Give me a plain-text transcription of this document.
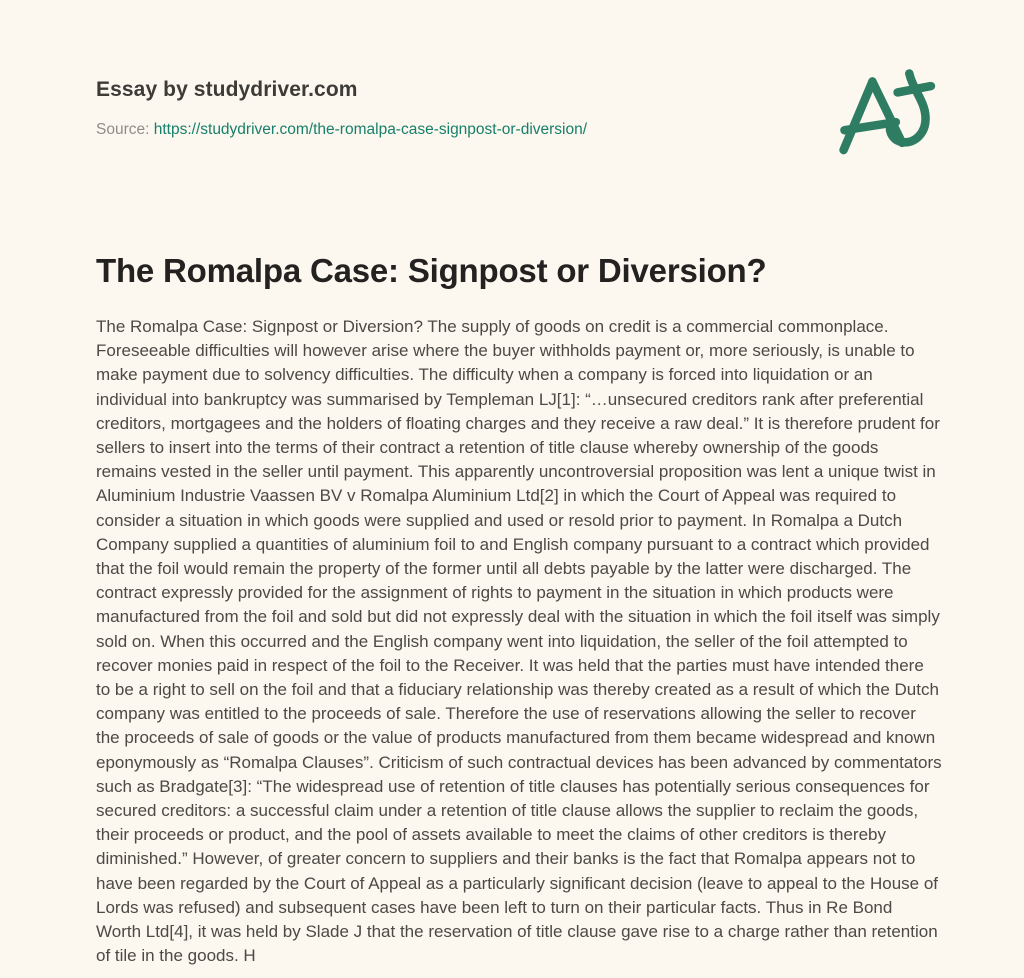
Essay by studydriver.com
Source: https://studydriver.com/the-romalpa-case-signpost-or-diversion/
The Romalpa Case: Signpost or Diversion?

The Romalpa Case: Signpost or Diversion? The supply of goods on credit is a commercial commonplace. Foreseeable difficulties will however arise where the buyer withholds payment or, more seriously, is unable to make payment due to solvency difficulties. The difficulty when a company is forced into liquidation or an individual into bankruptcy was summarised by Templeman LJ[1]: “…unsecured creditors rank after preferential creditors, mortgagees and the holders of floating charges and they receive a raw deal.” It is therefore prudent for sellers to insert into the terms of their contract a retention of title clause whereby ownership of the goods remains vested in the seller until payment. This apparently uncontroversial proposition was lent a unique twist in Aluminium Industrie Vaassen BV v Romalpa Aluminium Ltd[2] in which the Court of Appeal was required to consider a situation in which goods were supplied and used or resold prior to payment. In Romalpa a Dutch Company supplied a quantities of aluminium foil to and English company pursuant to a contract which provided that the foil would remain the property of the former until all debts payable by the latter were discharged. The contract expressly provided for the assignment of rights to payment in the situation in which products were manufactured from the foil and sold but did not expressly deal with the situation in which the foil itself was simply sold on. When this occurred and the English company went into liquidation, the seller of the foil attempted to recover monies paid in respect of the foil to the Receiver. It was held that the parties must have intended there to be a right to sell on the foil and that a fiduciary relationship was thereby created as a result of which the Dutch company was entitled to the proceeds of sale. Therefore the use of reservations allowing the seller to recover the proceeds of sale of goods or the value of products manufactured from them became widespread and known eponymously as “Romalpa Clauses”. Criticism of such contractual devices has been advanced by commentators such as Bradgate[3]: “The widespread use of retention of title clauses has potentially serious consequences for secured creditors: a successful claim under a retention of title clause allows the supplier to reclaim the goods, their proceeds or product, and the pool of assets available to meet the claims of other creditors is thereby diminished.” However, of greater concern to suppliers and their banks is the fact that Romalpa appears not to have been regarded by the Court of Appeal as a particularly significant decision (leave to appeal to the House of Lords was refused) and subsequent cases have been left to turn on their particular facts. Thus in Re Bond Worth Ltd[4], it was held by Slade J that the reservation of title clause gave rise to a charge rather than retention of tile in the goods. H
